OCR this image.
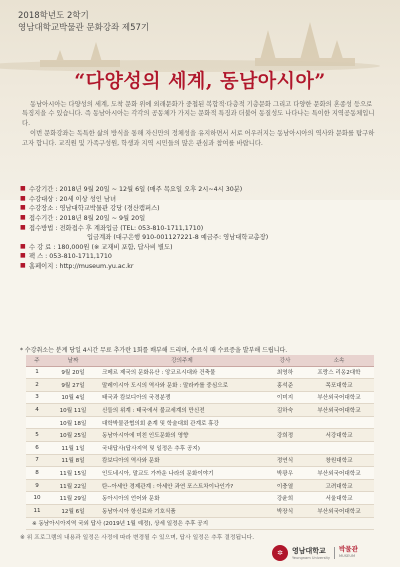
2018학년도 2학기
영남대학교박물관 문화강좌 제57기
“다양성의 세계, 동남아시아”

동남아시아는 다양성의 세계, 도착 문화 위에 외래문화가 중첩된 복합적·다층적 기층문화 그리고 다양한 문화의 혼종성 등으로 특징지을 수 있습니다. 즉 동남아시아는 각각의 공동체가 가지는 문화적 특징과 더불어 동질성도 나다나는 특이한 지역공동체입니다.

이번 문화강좌는 독특한 삶의 방식을 통해 자신만의 정체성을 유지하면서 서로 어우러지는 동남아시아의 역사와 문화를 탐구하고자 합니다. 교직원 및 가족구성원, 학생과 지역 시민들의 많은 관심과 참여를 바랍니다.

■ 수강기간 : 2018년 9월 20일 ~ 12월 6일 (매주 목요일 오후 2시~4시 30분)
■ 수강대상 : 20세 이상 성인 남녀
■ 수강장소 : 영남대학교박물관 강당 (경산캠퍼스)
■ 접수기간 : 2018년 8월 20일 ~ 9월 20일
■ 접수방법 : 전화접수 후 계좌입금 (TEL: 053-810-1711,1710)
입금계좌 (대구은행 910-001127221-8 예금주: 영남대학교총장)
■ 수 강 료 : 180,000원 (※ 교재비 포함, 답사비 별도)
■ 팩 스 : 053-810-1711,1710
■ 홈페이지 : http://museum.yu.ac.kr
* 수강취소는 분계 당일 4시간 무료 추가란 1회를 배부해 드리며, 수료식 때 수료증을 발부해 드립니다.
주	날짜	강의주제	강사	소속
1	9월 20일	크메르 제국의 문화유산 : 앙코르시대와 건축물	최영하	프랑스 리옹2대학
2	9월 27일	말레이시아 도시의 역사와 문화 : 말라카를 중심으로	홍석준	목포대학교
3	10월 4일	태국과 캄보디아의 국경분쟁	이미지	부산외국어대학교
4	10월 11일	신들의 위계 : 태국에서 불교세계의 만신전	김하숙	부산외국어대학교
	10월 18일	대학박물관협의회 춘계 및 학술대회 관계로 휴강		
5	10월 25일	동남아시아에 미친 인도문화의 영향	강희정	서강대학교
6	11월 1일	국내답사(답사지역 및 일정은 추후 공지)		
7	11월 8일	캄보디아의 역사와 문화	정연식	창원대학교
8	11월 15일	인도네시아, 말교도 가까운 나라의 문화이야기	박광우	부산외국어대학교
9	11월 22일	탄--아세안 경제관계 : 아세안 과연 포스트차이나인가?	이충열	고려대학교
10	11월 29일	동아시아의 언어와 문화	강윤희	서울대학교
11	12월 6일	동남아시아 항신료와 기호식품	박장식	부산외국어대학교
※ 동남아시아지역 국외 답사 (2019년 1월 예정), 상세 일정은 추후 공지				
※ 위 프로그램의 내용과 일정은 사정에 따라 변경될 수 있으며, 답사 일정은 추후 결정됩니다.
✲	영남대학교
Yeungnam University
박물관
MUSEUM
